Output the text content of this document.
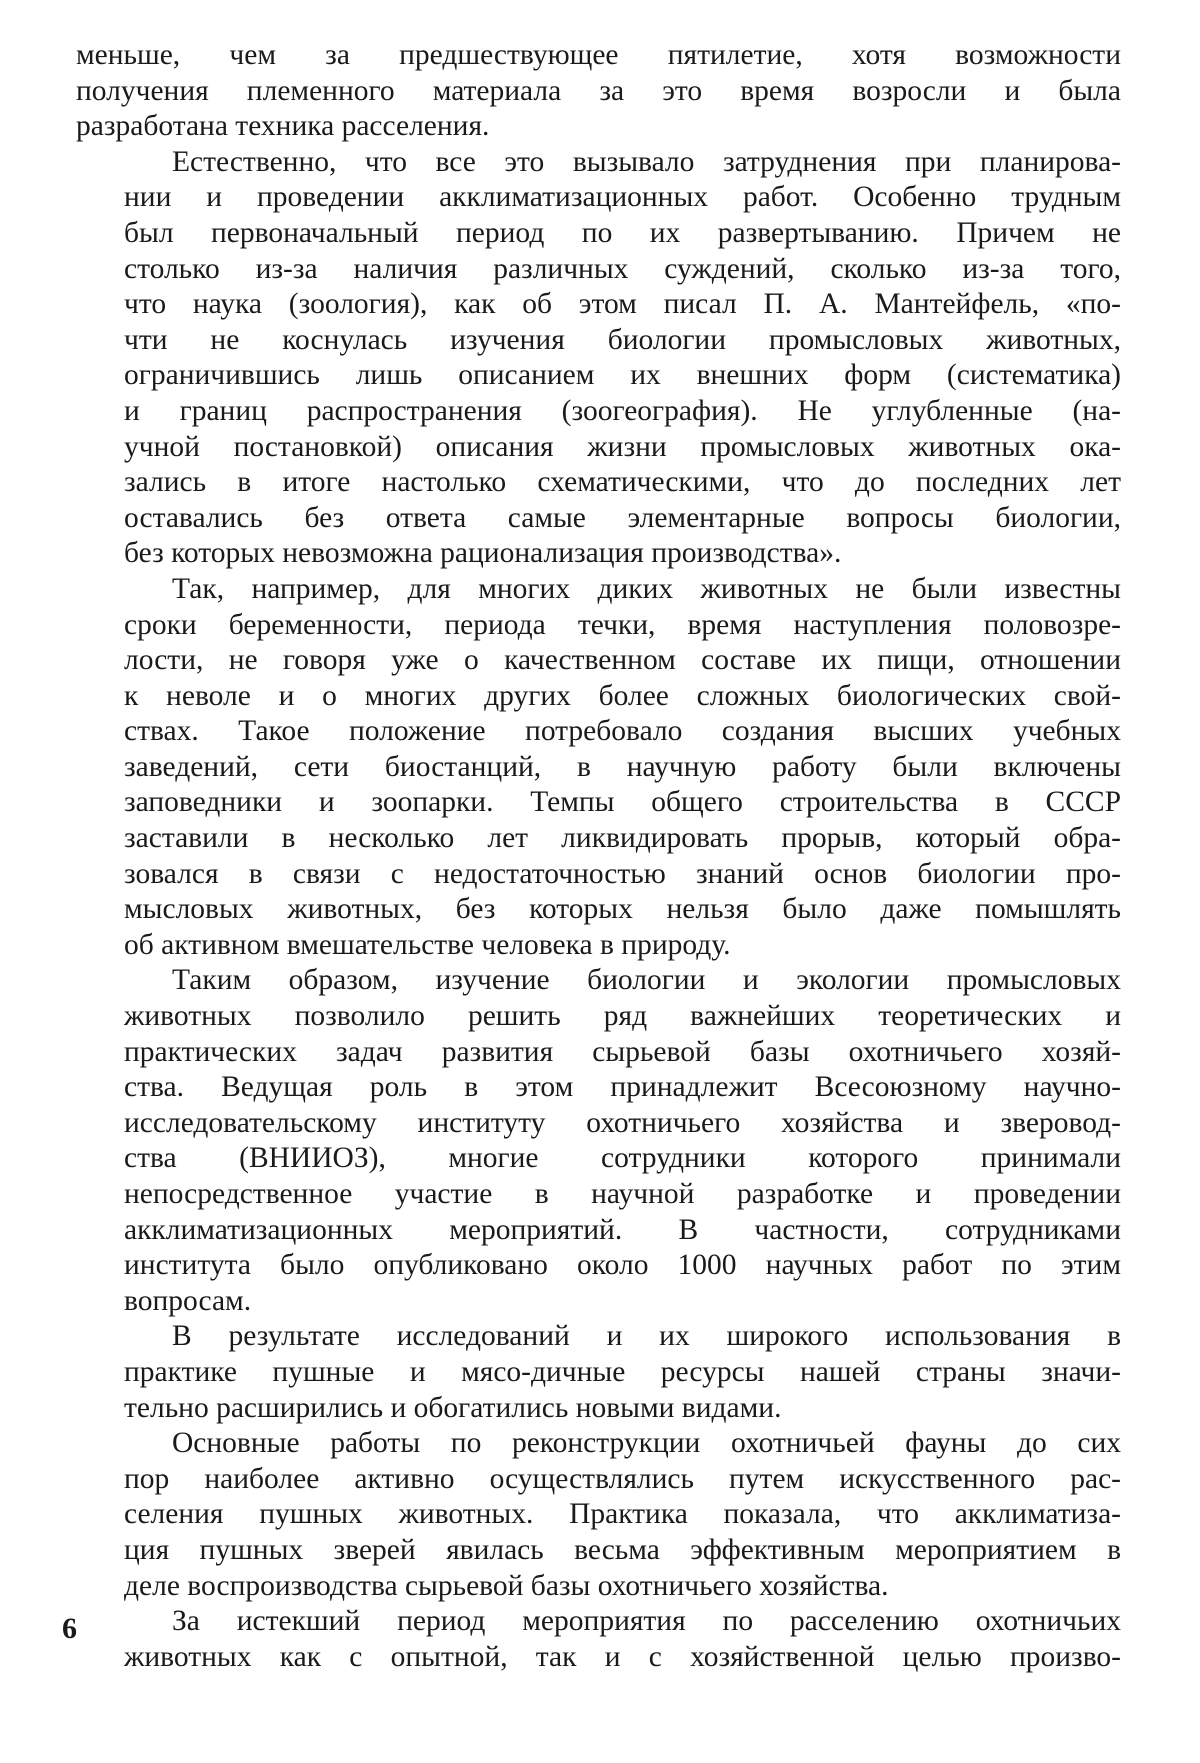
меньше, чем за предшествующее пятилетие, хотя возможности
получения племенного материала за это время возросли и была
разработана техника расселения.
Естественно, что все это вызывало затруднения при планирова-
нии и проведении акклиматизационных работ. Особенно трудным
был первоначальный период по их развертыванию. Причем не
столько из-за наличия различных суждений, сколько из-за того,
что наука (зоология), как об этом писал П. А. Мантейфель, «по-
чти не коснулась изучения биологии промысловых животных,
ограничившись лишь описанием их внешних форм (систематика)
и границ распространения (зоогеография). Не углубленные (на-
учной постановкой) описания жизни промысловых животных ока-
зались в итоге настолько схематическими, что до последних лет
оставались без ответа самые элементарные вопросы биологии,
без которых невозможна рационализация производства».
Так, например, для многих диких животных не были известны
сроки беременности, периода течки, время наступления половозре-
лости, не говоря уже о качественном составе их пищи, отношении
к неволе и о многих других более сложных биологических свой-
ствах. Такое положение потребовало создания высших учебных
заведений, сети биостанций, в научную работу были включены
заповедники и зоопарки. Темпы общего строительства в СССР
заставили в несколько лет ликвидировать прорыв, который обра-
зовался в связи с недостаточностью знаний основ биологии про-
мысловых животных, без которых нельзя было даже помышлять
об активном вмешательстве человека в природу.
Таким образом, изучение биологии и экологии промысловых
животных позволило решить ряд важнейших теоретических и
практических задач развития сырьевой базы охотничьего хозяй-
ства. Ведущая роль в этом принадлежит Всесоюзному научно-
исследовательскому институту охотничьего хозяйства и зверовод-
ства (ВНИИОЗ), многие сотрудники которого принимали
непосредственное участие в научной разработке и проведении
акклиматизационных мероприятий. В частности, сотрудниками
института было опубликовано около 1000 научных работ по этим
вопросам.
В результате исследований и их широкого использования в
практике пушные и мясо-дичные ресурсы нашей страны значи-
тельно расширились и обогатились новыми видами.
Основные работы по реконструкции охотничьей фауны до сих
пор наиболее активно осуществлялись путем искусственного рас-
селения пушных животных. Практика показала, что акклиматиза-
ция пушных зверей явилась весьма эффективным мероприятием в
деле воспроизводства сырьевой базы охотничьего хозяйства.
За истекший период мероприятия по расселению охотничьих
животных как с опытной, так и с хозяйственной целью произво-
6
